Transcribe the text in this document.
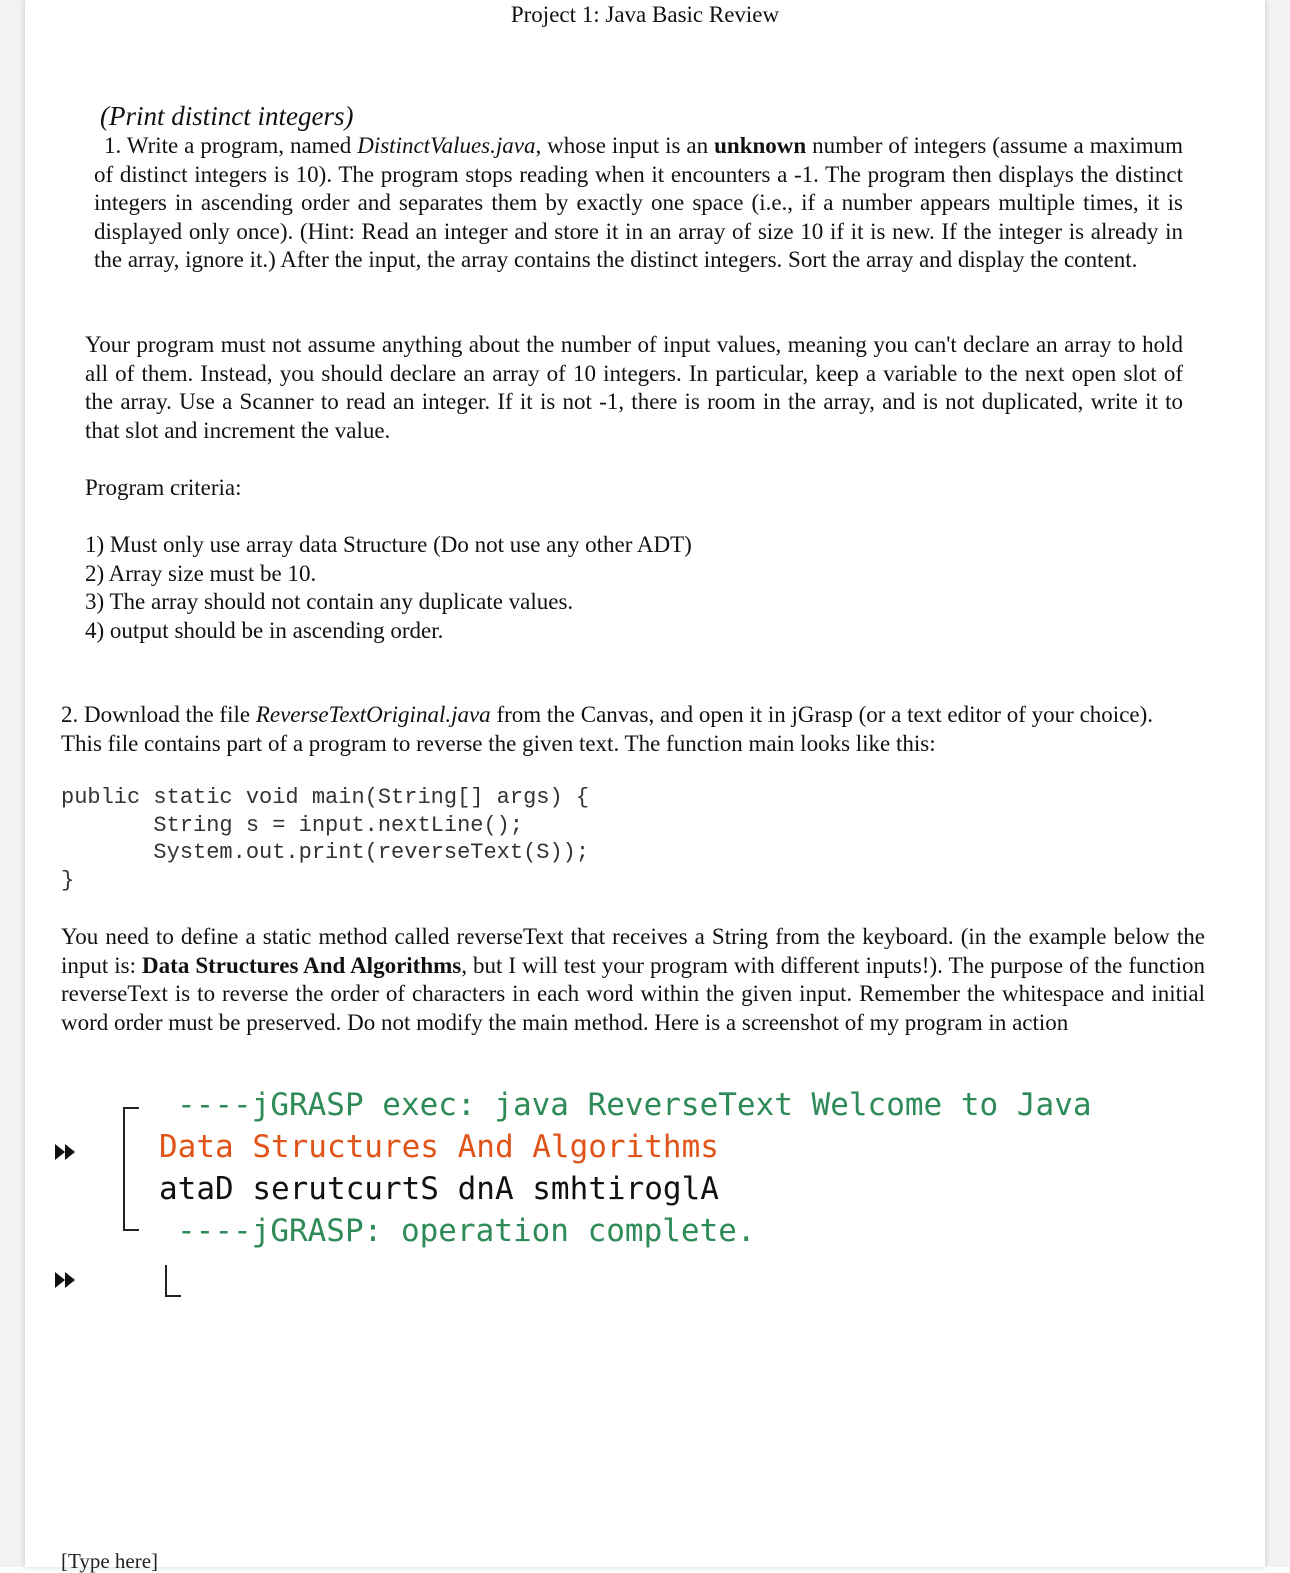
Project 1: Java Basic Review
(Print distinct integers)

1. Write a program, named DistinctValues.java, whose input is an unknown number of integers (assume a maximum of distinct integers is 10). The program stops reading when it encounters a -1. The program then displays the distinct integers in ascending order and separates them by exactly one space (i.e., if a number appears multiple times, it is displayed only once). (Hint: Read an integer and store it in an array of size 10 if it is new. If the integer is already in the array, ignore it.) After the input, the array contains the distinct integers. Sort the array and display the content.

Your program must not assume anything about the number of input values, meaning you can't declare an array to hold all of them. Instead, you should declare an array of 10 integers. In particular, keep a variable to the next open slot of the array. Use a Scanner to read an integer. If it is not -1, there is room in the array, and is not duplicated, write it to that slot and increment the value.

Program criteria:
1) Must only use array data Structure (Do not use any other ADT)
2) Array size must be 10.
3) The array should not contain any duplicate values.
4) output should be in ascending order.

2. Download the file ReverseTextOriginal.java from the Canvas, and open it in jGrasp (or a text editor of your choice). This file contains part of a program to reverse the given text. The function main looks like this:

public static void main(String[] args) {
String s = input.nextLine();
System.out.print(reverseText(S));
}

You need to define a static method called reverseText that receives a String from the keyboard. (in the example below the input is: Data Structures And Algorithms, but I will test your program with different inputs!). The purpose of the function reverseText is to reverse the order of characters in each word within the given input. Remember the whitespace and initial word order must be preserved. Do not modify the main method. Here is a screenshot of my program in action

----jGRASP exec: java ReverseText Welcome to Java
Data Structures And Algorithms
ataD serutcurtS dnA smhtiroglA
----jGRASP: operation complete.
[Type here]
